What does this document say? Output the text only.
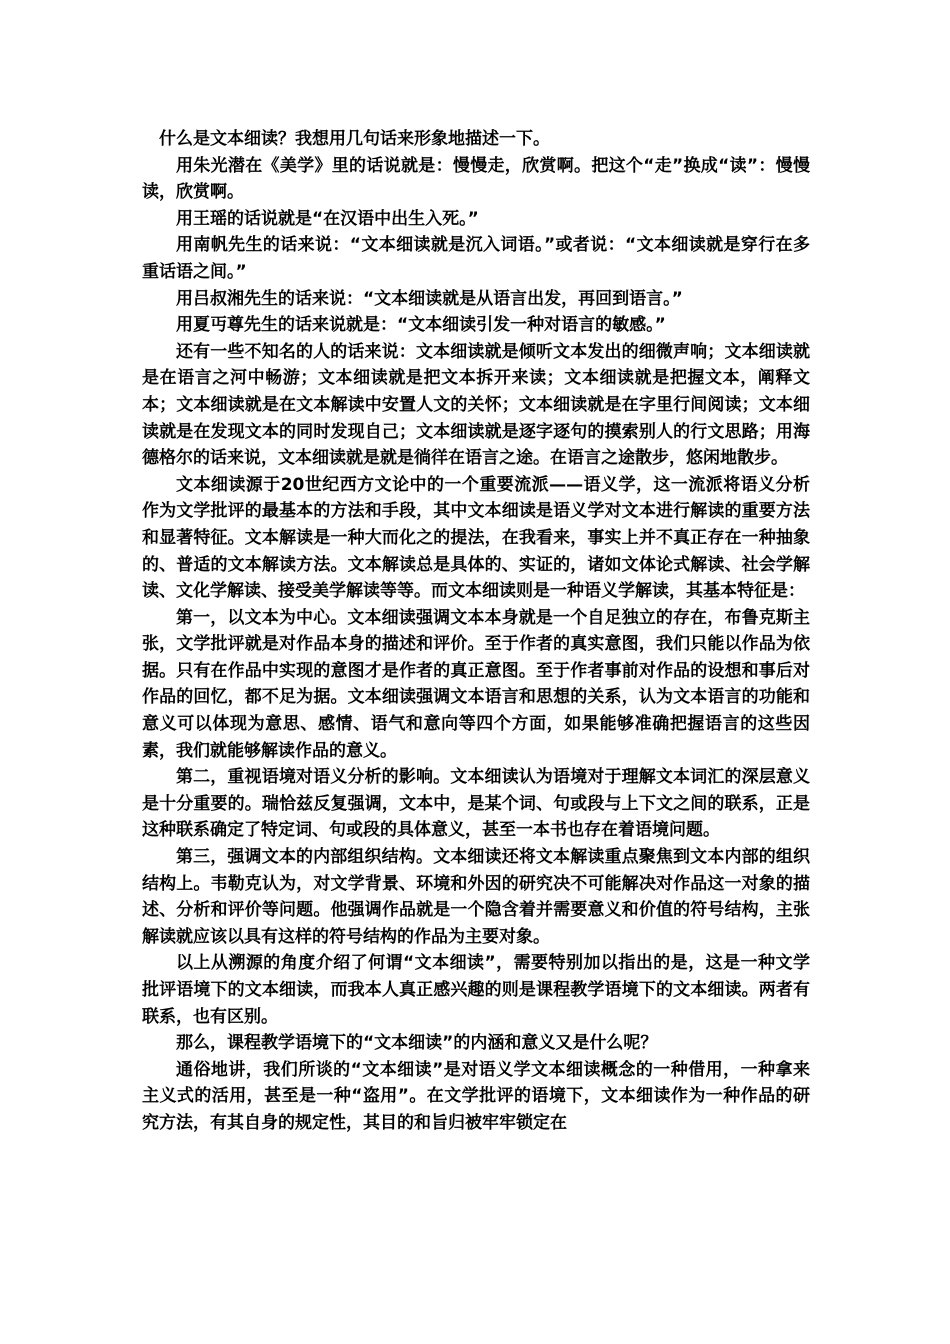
什么是文本细读？我想用几句话来形象地描述一下。

用朱光潜在《美学》里的话说就是：慢慢走，欣赏啊。把这个“走”换成“读”：慢慢读，欣赏啊。

用王瑶的话说就是“在汉语中出生入死。”

用南帆先生的话来说：“文本细读就是沉入词语。”或者说：“文本细读就是穿行在多重话语之间。”

用吕叔湘先生的话来说：“文本细读就是从语言出发，再回到语言。”

用夏丏尊先生的话来说就是：“文本细读引发一种对语言的敏感。”

还有一些不知名的人的话来说：文本细读就是倾听文本发出的细微声响；文本细读就是在语言之河中畅游；文本细读就是把文本拆开来读；文本细读就是把握文本，阐释文本；文本细读就是在文本解读中安置人文的关怀；文本细读就是在字里行间阅读；文本细读就是在发现文本的同时发现自己；文本细读就是逐字逐句的摸索别人的行文思路；用海德格尔的话来说，文本细读就是就是徜徉在语言之途。在语言之途散步，悠闲地散步。

文本细读源于20世纪西方文论中的一个重要流派——语义学，这一流派将语义分析作为文学批评的最基本的方法和手段，其中文本细读是语义学对文本进行解读的重要方法和显著特征。文本解读是一种大而化之的提法，在我看来，事实上并不真正存在一种抽象的、普适的文本解读方法。文本解读总是具体的、实证的，诸如文体论式解读、社会学解读、文化学解读、接受美学解读等等。而文本细读则是一种语义学解读，其基本特征是：

第一，以文本为中心。文本细读强调文本本身就是一个自足独立的存在，布鲁克斯主张，文学批评就是对作品本身的描述和评价。至于作者的真实意图，我们只能以作品为依据。只有在作品中实现的意图才是作者的真正意图。至于作者事前对作品的设想和事后对作品的回忆，都不足为据。文本细读强调文本语言和思想的关系，认为文本语言的功能和意义可以体现为意思、感情、语气和意向等四个方面，如果能够准确把握语言的这些因素，我们就能够解读作品的意义。

第二，重视语境对语义分析的影响。文本细读认为语境对于理解文本词汇的深层意义是十分重要的。瑞恰兹反复强调，文本中，是某个词、句或段与上下文之间的联系，正是这种联系确定了特定词、句或段的具体意义，甚至一本书也存在着语境问题。

第三，强调文本的内部组织结构。文本细读还将文本解读重点聚焦到文本内部的组织结构上。韦勒克认为，对文学背景、环境和外因的研究决不可能解决对作品这一对象的描述、分析和评价等问题。他强调作品就是一个隐含着并需要意义和价值的符号结构，主张解读就应该以具有这样的符号结构的作品为主要对象。

以上从溯源的角度介绍了何谓“文本细读”，需要特别加以指出的是，这是一种文学批评语境下的文本细读，而我本人真正感兴趣的则是课程教学语境下的文本细读。两者有联系，也有区别。

那么，课程教学语境下的“文本细读”的内涵和意义又是什么呢？

通俗地讲，我们所谈的“文本细读”是对语义学文本细读概念的一种借用，一种拿来主义式的活用，甚至是一种“盗用”。在文学批评的语境下，文本细读作为一种作品的研究方法，有其自身的规定性，其目的和旨归被牢牢锁定在
